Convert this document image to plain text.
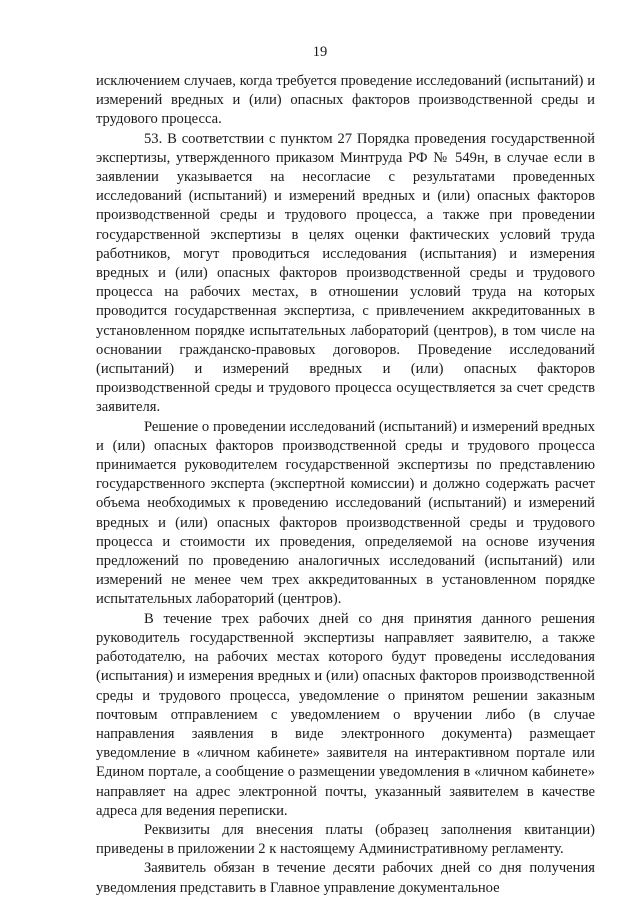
19

исключением случаев, когда требуется проведение исследований (испытаний) и измерений вредных и (или) опасных факторов производственной среды и трудового процесса.

53. В соответствии с пунктом 27 Порядка проведения государственной экспертизы, утвержденного приказом Минтруда РФ № 549н, в случае если в заявлении указывается на несогласие с результатами проведенных исследований (испытаний) и измерений вредных и (или) опасных факторов производственной среды и трудового процесса, а также при проведении государственной экспертизы в целях оценки фактических условий труда работников, могут проводиться исследования (испытания) и измерения вредных и (или) опасных факторов производственной среды и трудового процесса на рабочих местах, в отношении условий труда на которых проводится государственная экспертиза, с привлечением аккредитованных в установленном порядке испытательных лабораторий (центров), в том числе на основании гражданско-правовых договоров. Проведение исследований (испытаний) и измерений вредных и (или) опасных факторов производственной среды и трудового процесса осуществляется за счет средств заявителя.

Решение о проведении исследований (испытаний) и измерений вредных и (или) опасных факторов производственной среды и трудового процесса принимается руководителем государственной экспертизы по представлению государственного эксперта (экспертной комиссии) и должно содержать расчет объема необходимых к проведению исследований (испытаний) и измерений вредных и (или) опасных факторов производственной среды и трудового процесса и стоимости их проведения, определяемой на основе изучения предложений по проведению аналогичных исследований (испытаний) или измерений не менее чем трех аккредитованных в установленном порядке испытательных лабораторий (центров).

В течение трех рабочих дней со дня принятия данного решения руководитель государственной экспертизы направляет заявителю, а также работодателю, на рабочих местах которого будут проведены исследования (испытания) и измерения вредных и (или) опасных факторов производственной среды и трудового процесса, уведомление о принятом решении заказным почтовым отправлением с уведомлением о вручении либо (в случае направления заявления в виде электронного документа) размещает уведомление в «личном кабинете» заявителя на интерактивном портале или Едином портале, а сообщение о размещении уведомления в «личном кабинете» направляет на адрес электронной почты, указанный заявителем в качестве адреса для ведения переписки.

Реквизиты для внесения платы (образец заполнения квитанции) приведены в приложении 2 к настоящему Административному регламенту.

Заявитель обязан в течение десяти рабочих дней со дня получения уведомления представить в Главное управление документальное
